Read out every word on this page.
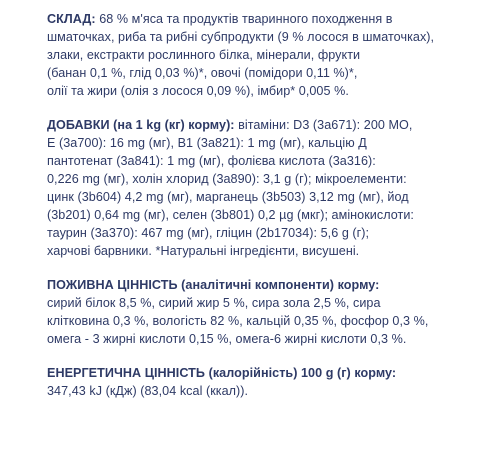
СКЛАД: 68 % м'яса та продуктів тваринного походження в
шматочках, риба та рибні субпродукти (9 % лосося в шматочках),
злаки, екстракти рослинного білка, мінерали, фрукти
(банан 0,1 %, глід 0,03 %)*, овочі (помідори 0,11 %)*,
олії та жири (олія з лосося 0,09 %), імбир* 0,005 %.

ДОБАВКИ (на 1 kg (кг) корму): вітаміни: D3 (3a671): 200 МО,
E (3a700): 16 mg (мг), B1 (3a821): 1 mg (мг), кальцію Д
пантотенат (3a841): 1 mg (мг), фолієва кислота (3a316):
0,226 mg (мг), холін хлорид (3a890): 3,1 g (г); мікроелементи:
цинк (3b604) 4,2 mg (мг), марганець (3b503) 3,12 mg (мг), йод
(3b201) 0,64 mg (мг), селен (3b801) 0,2 µg (мкг); амінокислоти:
таурин (3a370): 467 mg (мг), гліцин (2b17034): 5,6 g (г);
харчові барвники. *Натуральні інгредієнти, висушені.

ПОЖИВНА ЦІННІСТЬ (аналітичні компоненти) корму:
сирий білок 8,5 %, сирий жир 5 %, сира зола 2,5 %, сира
клітковина 0,3 %, вологість 82 %, кальцій 0,35 %, фосфор 0,3 %,
омега - 3 жирні кислоти 0,15 %, омега-6 жирні кислоти 0,3 %.

ЕНЕРГЕТИЧНА ЦІННІСТЬ (калорійність) 100 g (г) корму:
347,43 kJ (кДж) (83,04 kcal (ккал)).
